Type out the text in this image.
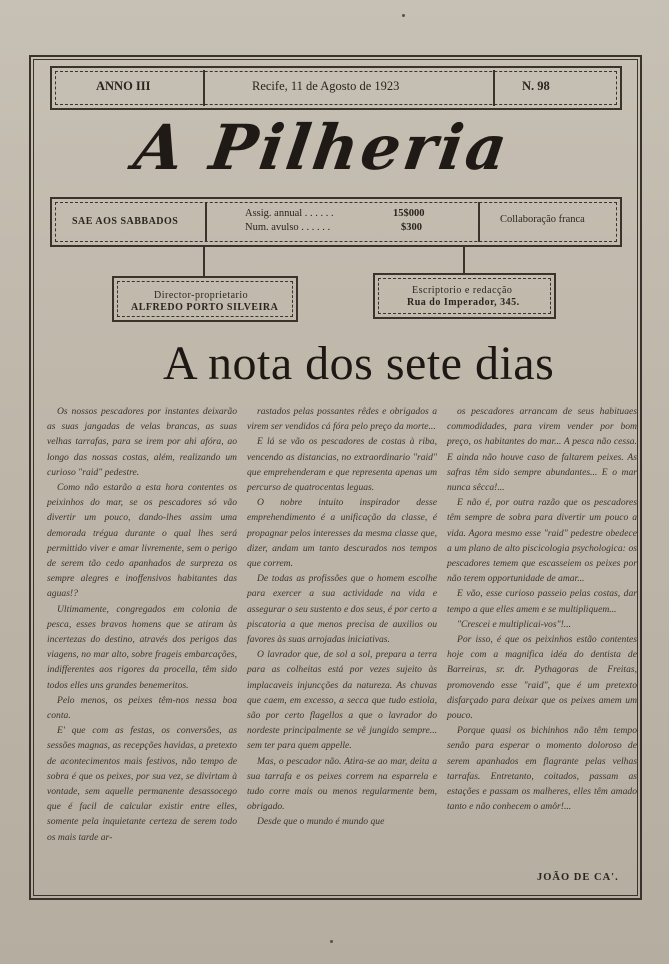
ANNO III	Recife, 11 de Agosto de 1923	N. 98
A Pilheria
SAE AOS SABBADOS
Assig. annual . . . . . .	15$000
Num. avulso . . . . . .	$300
Collaboração franca
Director-proprietario
ALFREDO PORTO SILVEIRA
Escriptorio e redacção
Rua do Imperador, 345.
A nota dos sete dias

Os nossos pescadores por instantes deixarão as suas jangadas de velas brancas, as suas velhas tarrafas, para se irem por ahi afóra, ao longo das nossas costas, além, realizando um curioso "raid" pedestre.

Como não estarão a esta hora contentes os peixinhos do mar, se os pescadores só vão divertir um pouco, dando-lhes assim uma demorada trégua durante o qual lhes será permittido viver e amar livremente, sem o perigo de serem tão cedo apanhados de surpreza os sempre alegres e inoffensivos habitantes das aguas!?

Ultimamente, congregados em colonia de pesca, esses bravos homens que se atiram às incertezas do destino, através dos perigos das viagens, no mar alto, sobre frageis embarcações, indifferentes aos rigores da procella, têm sido todos elles uns grandes benemeritos.

Pelo menos, os peixes têm-nos nessa boa conta.

E' que com as festas, os conversões, as sessões magnas, as recepções havidas, a pretexto de acontecimentos mais festivos, não tempo de sobra é que os peixes, por sua vez, se divirtam à vontade, sem aquelle permanente desassocego que é facil de calcular existir entre elles, somente pela inquietante certeza de serem todo os mais tarde ar-

rastados pelas possantes rêdes e obrigados a virem ser vendidos cá fóra pelo preço da morte...

E lá se vão os pescadores de costas à riba, vencendo as distancias, no extraordinario "raid" que emprehenderam e que representa apenas um percurso de quatrocentas leguas.

O nobre intuito inspirador desse emprehendimento é a unificação da classe, é propagnar pelos interesses da mesma classe que, dizer, andam um tanto descurados nos tempos que correm.

De todas as profissões que o homem escolhe para exercer a sua actividade na vida e assegurar o seu sustento e dos seus, é por certo a piscatoria a que menos precisa de auxilios ou favores às suas arrojadas iniciativas.

O lavrador que, de sol a sol, prepara a terra para as colheitas está por vezes sujeito às implacaveis injuncções da natureza. As chuvas que caem, em excesso, a secca que tudo estiola, são por certo flagellos a que o lavrador do nordeste principalmente se vê jungido sempre... sem ter para quem appelle.

Mas, o pescador não. Atira-se ao mar, deita a sua tarrafa e os peixes correm na esparrela e tudo corre mais ou menos regularmente bem, obrigado.

Desde que o mundo é mundo que

os pescadores arrancam de seus habituaes commodidades, para virem vender por bom preço, os habitantes do mar... A pesca não cessa. E ainda não houve caso de faltarem peixes. As safras têm sido sempre abundantes... E o mar nunca sêcca!...

E não é, por outra razão que os pescadores têm sempre de sobra para divertir um pouco a vida. Agora mesmo esse "raid" pedestre obedece a um plano de alto piscicologia psychologica: os pescadores temem que escasseiem os peixes por não terem opportunidade de amar...

E vão, esse curioso passeio pelas costas, dar tempo a que elles amem e se multipliquem...

"Crescei e multiplicai-vos"!...

Por isso, é que os peixinhos estão contentes hoje com a magnifica idéa do dentista de Barreiras, sr. dr. Pythagoras de Freitas, promovendo esse "raid", que é um pretexto disfarçado para deixar que os peixes amem um pouco.

Porque quasi os bichinhos não têm tempo senão para esperar o momento doloroso de serem apanhados em flagrante pelas velhas tarrafas. Entretanto, coitados, passam as estações e passam os malheres, elles têm amado tanto e não conhecem o amôr!...

JOÃO DE CA'.
